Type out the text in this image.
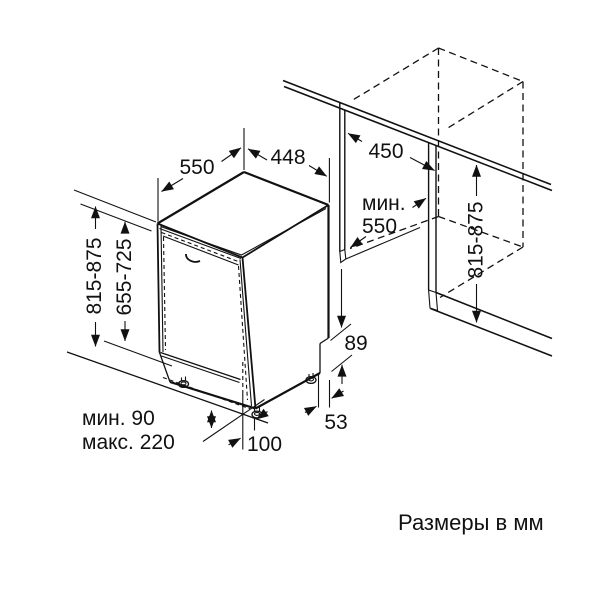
550	448
815-875 655-725
450
мин.
550	815-875
89
53
100
мин. 90
макс. 220
Размеры в мм
